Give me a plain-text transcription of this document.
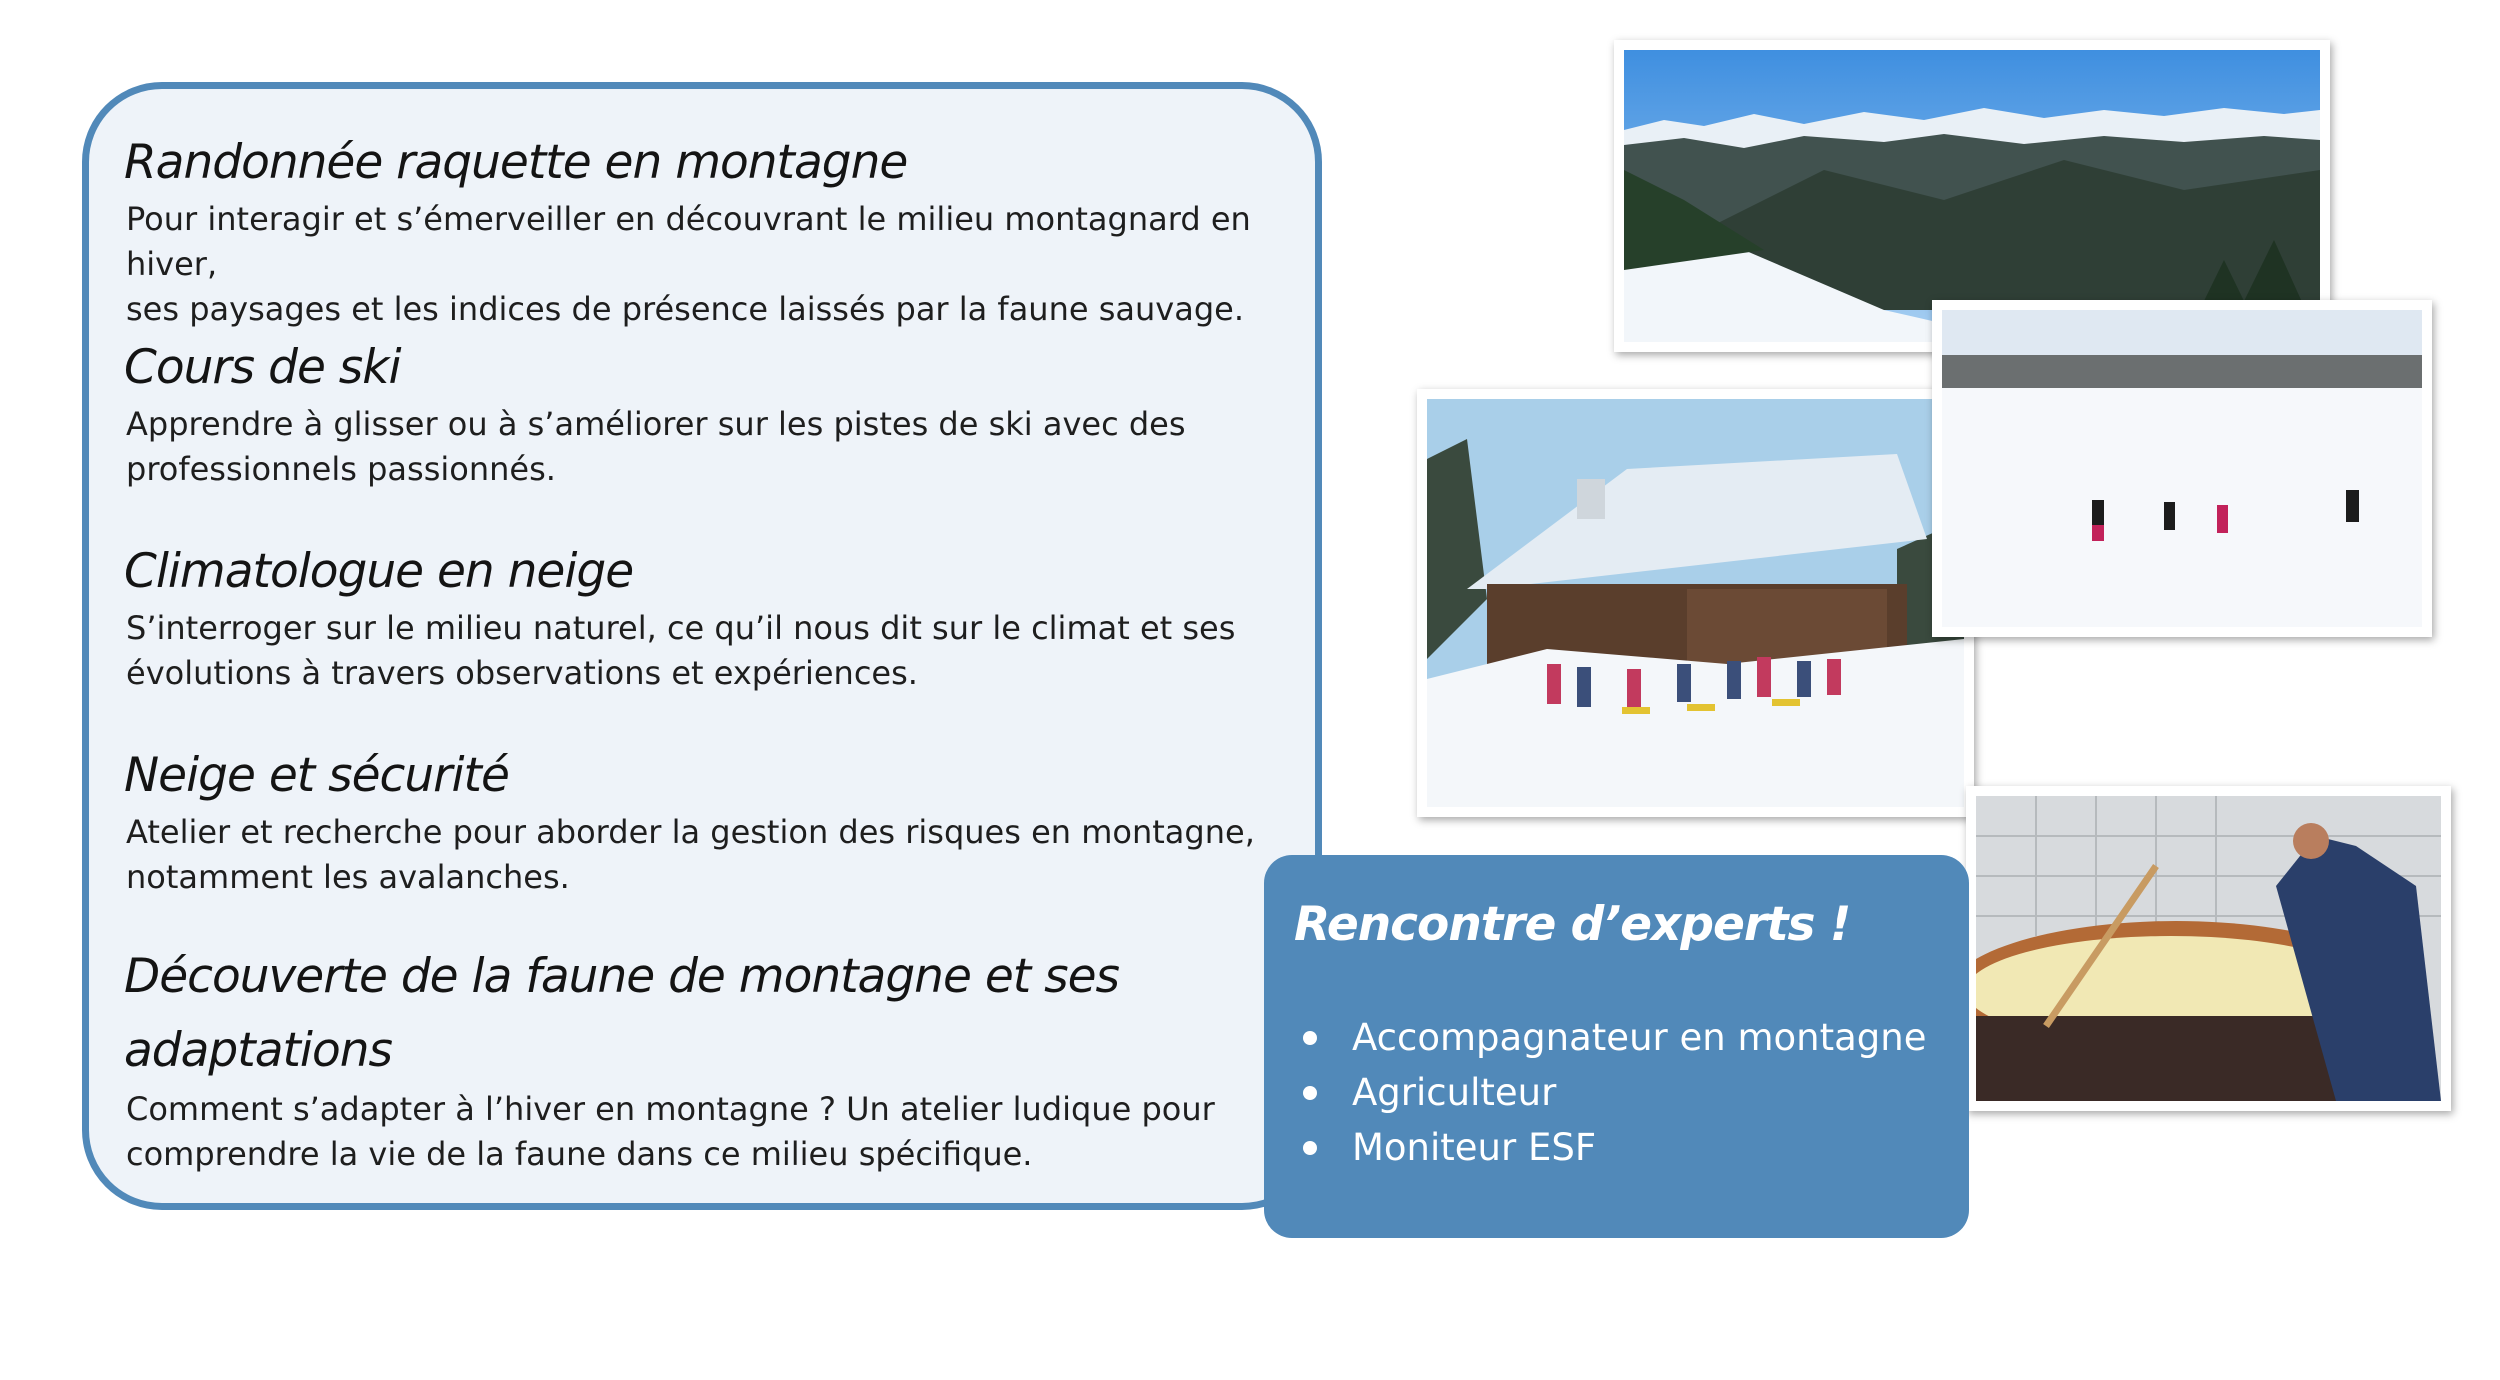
Randonnée raquette en montagne

Pour interagir et s’émerveiller en découvrant le milieu montagnard en hiver,
ses paysages et les indices de présence laissés par la faune sauvage.

Cours de ski

Apprendre à glisser ou à s’améliorer sur les pistes de ski avec des
professionnels passionnés.

Climatologue en neige

S’interroger sur le milieu naturel, ce qu’il nous dit sur le climat et ses
évolutions à travers observations et expériences.

Neige et sécurité

Atelier et recherche pour aborder la gestion des risques en montagne,
notamment les avalanches.

Découverte de la faune de montagne et ses
adaptations

Comment s’adapter à l’hiver en montagne ? Un atelier ludique pour
comprendre la vie de la faune dans ce milieu spécifique.

Rencontre d’experts !
Accompagnateur en montagne
Agriculteur
Moniteur ESF
